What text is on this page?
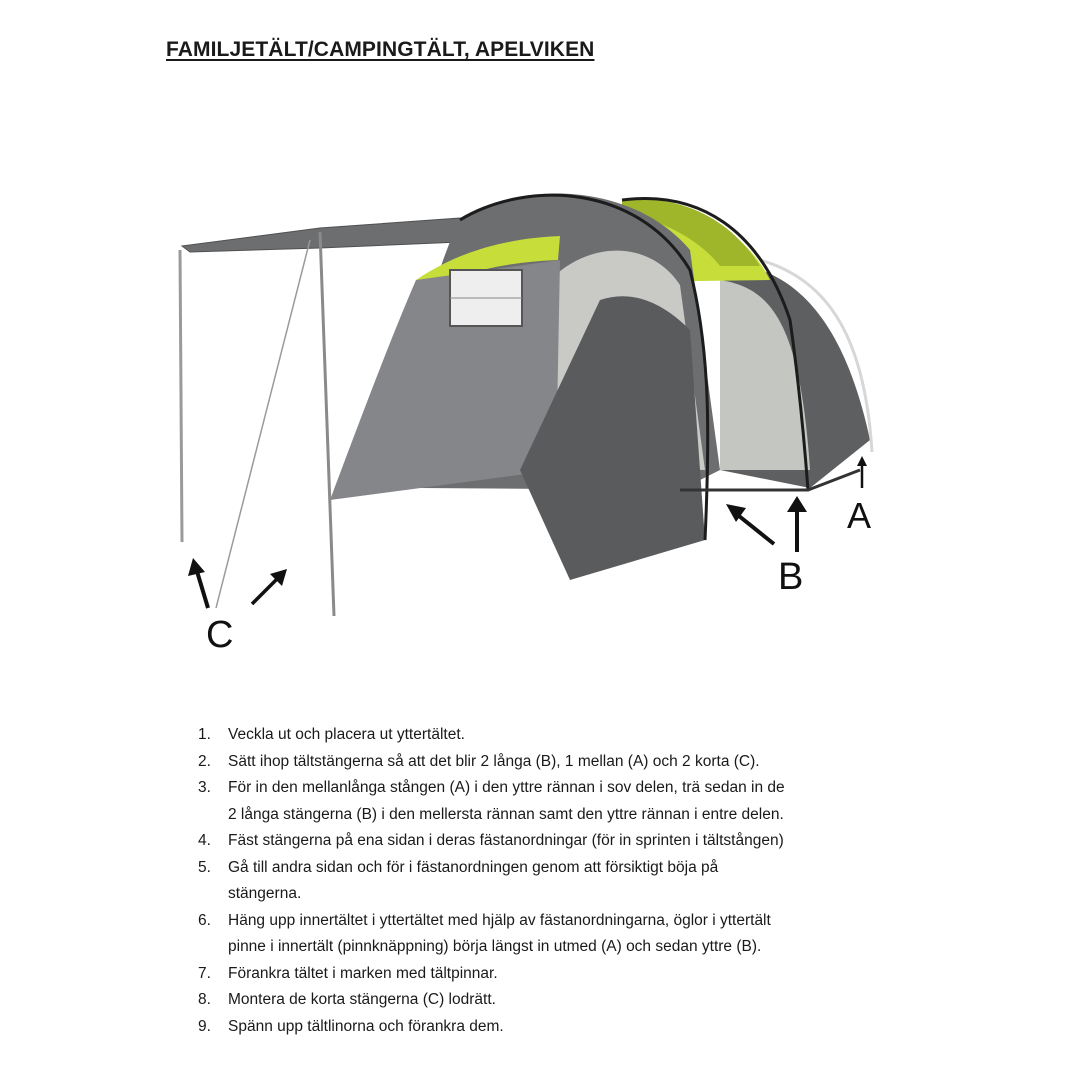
FAMILJETÄLT/CAMPINGTÄLT, APELVIKEN
A
B
C
1.	Veckla ut och placera ut yttertältet.
2.	Sätt ihop tältstängerna så att det blir 2 långa (B), 1 mellan (A) och 2 korta (C).
3.	För in den mellanlånga stången (A) i den yttre rännan i sov delen, trä sedan in de
2 långa stängerna (B) i den mellersta rännan samt den yttre rännan i entre delen.
4.	Fäst stängerna på ena sidan i deras fästanordningar (för in sprinten i tältstången)
5.	Gå till andra sidan och för i fästanordningen genom att försiktigt böja på
stängerna.
6.	Häng upp innertältet i yttertältet med hjälp av fästanordningarna, öglor i yttertält
pinne i innertält (pinnknäppning) börja längst in utmed (A) och sedan yttre (B).
7.	Förankra tältet i marken med tältpinnar.
8.	Montera de korta stängerna (C) lodrätt.
9.	Spänn upp tältlinorna och förankra dem.
